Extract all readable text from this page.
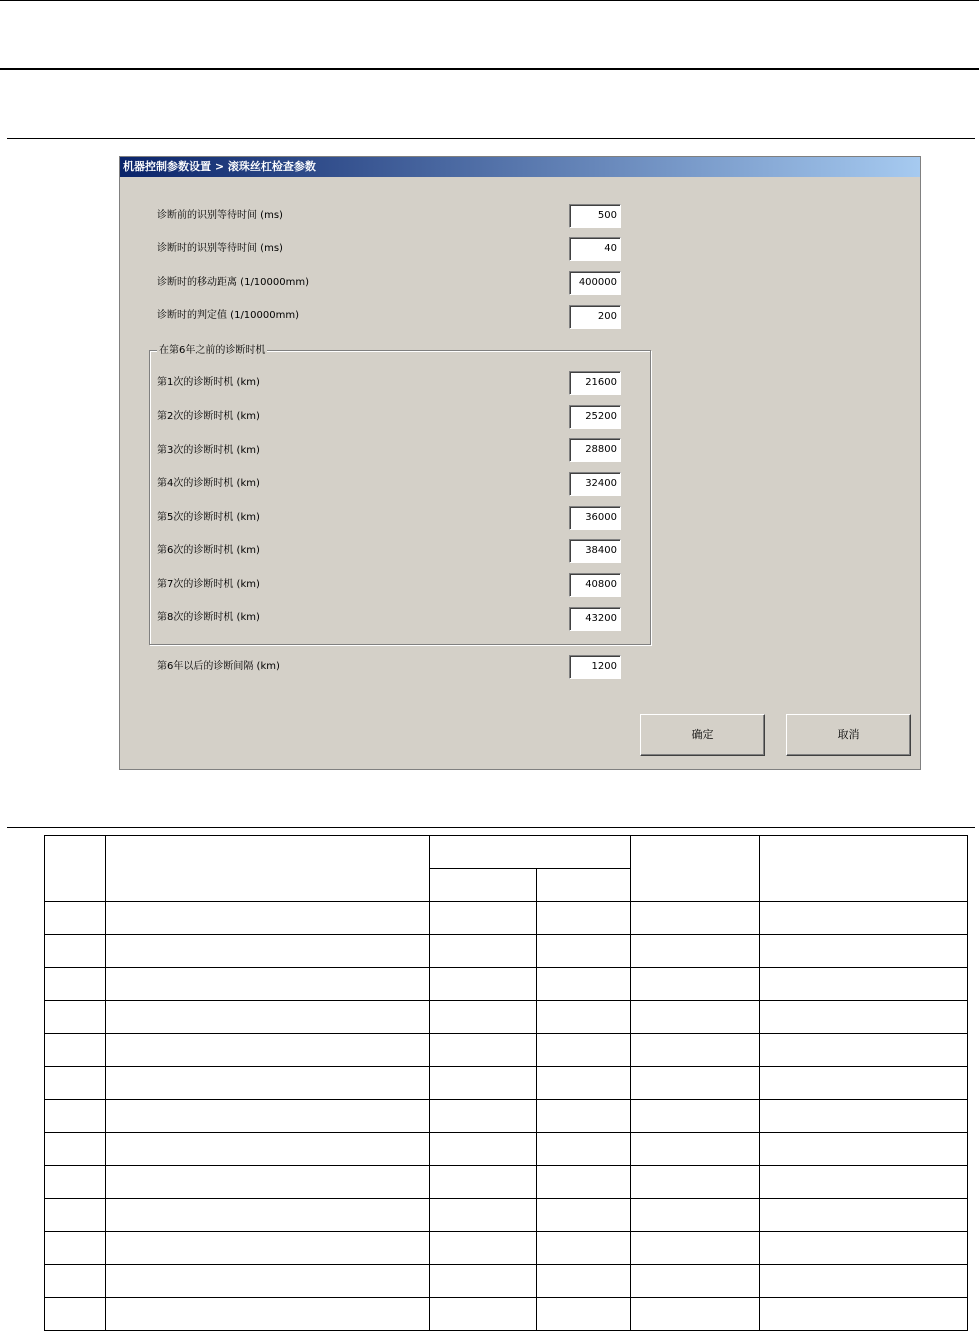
机器控制参数设置 > 滚珠丝杠检查参数
诊断前的识别等待时间 (ms)	500
诊断时的识别等待时间 (ms)	40
诊断时的移动距离 (1/10000mm)	400000
诊断时的判定值 (1/10000mm)	200
在第6年之前的诊断时机
第1次的诊断时机 (km)	21600
第2次的诊断时机 (km)	25200
第3次的诊断时机 (km)	28800
第4次的诊断时机 (km)	32400
第5次的诊断时机 (km)	36000
第6次的诊断时机 (km)	38400
第7次的诊断时机 (km)	40800
第8次的诊断时机 (km)	43200
第6年以后的诊断间隔 (km)	1200
确定	取消
